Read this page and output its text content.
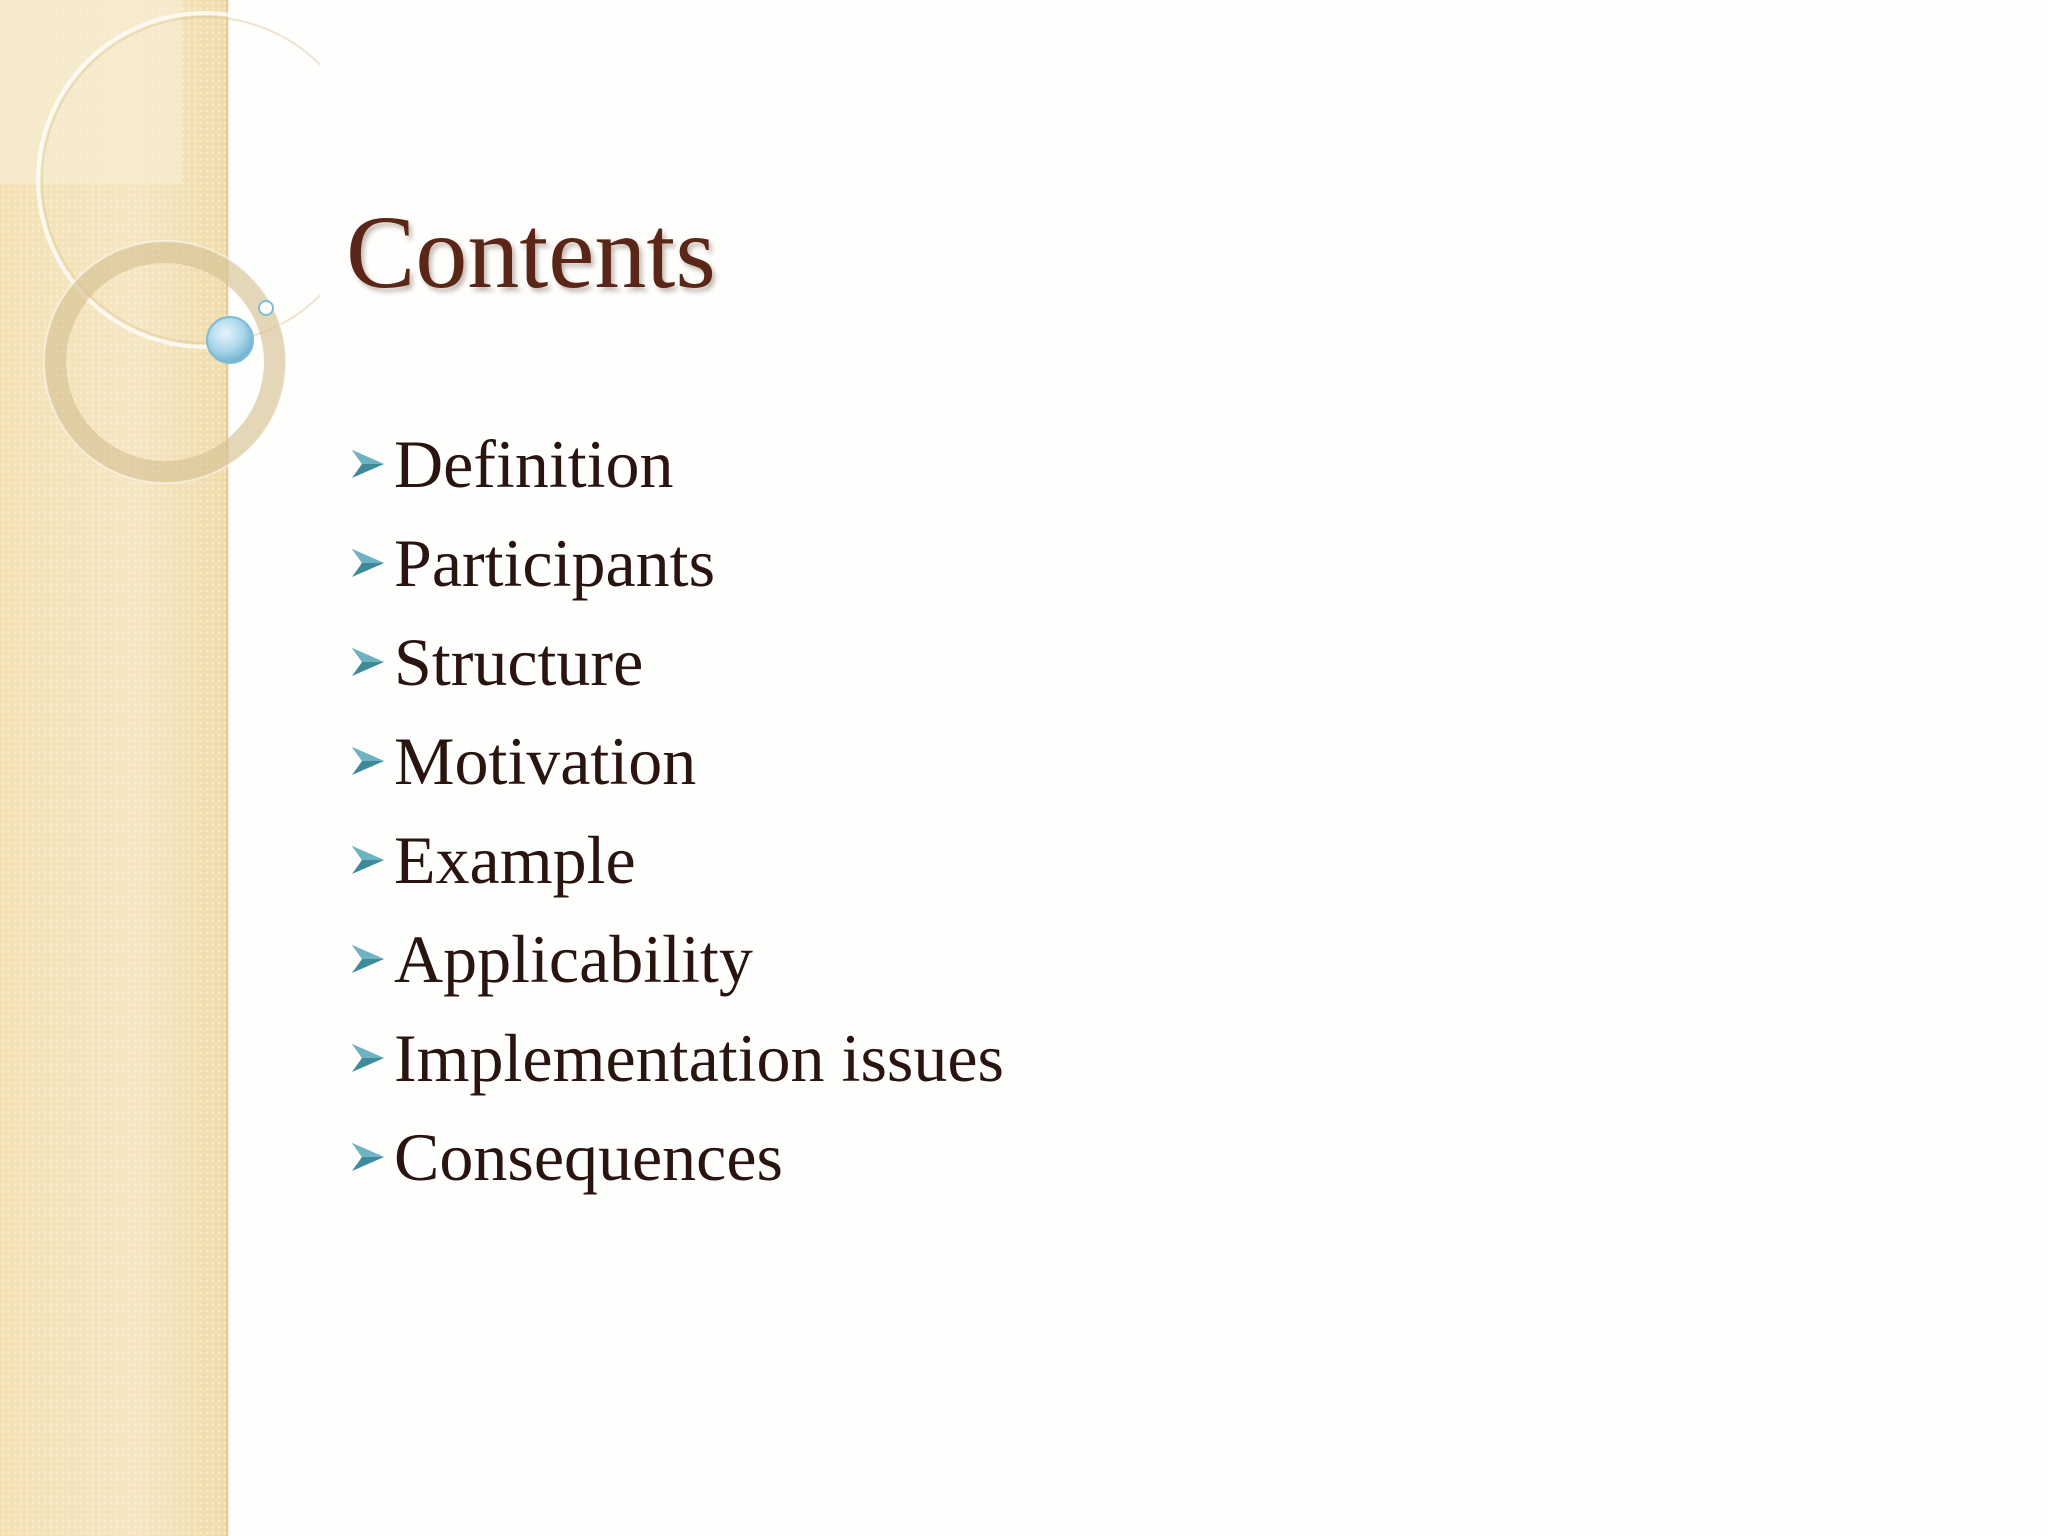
Contents
Definition
Participants
Structure
Motivation
Example
Applicability
Implementation issues
Consequences
